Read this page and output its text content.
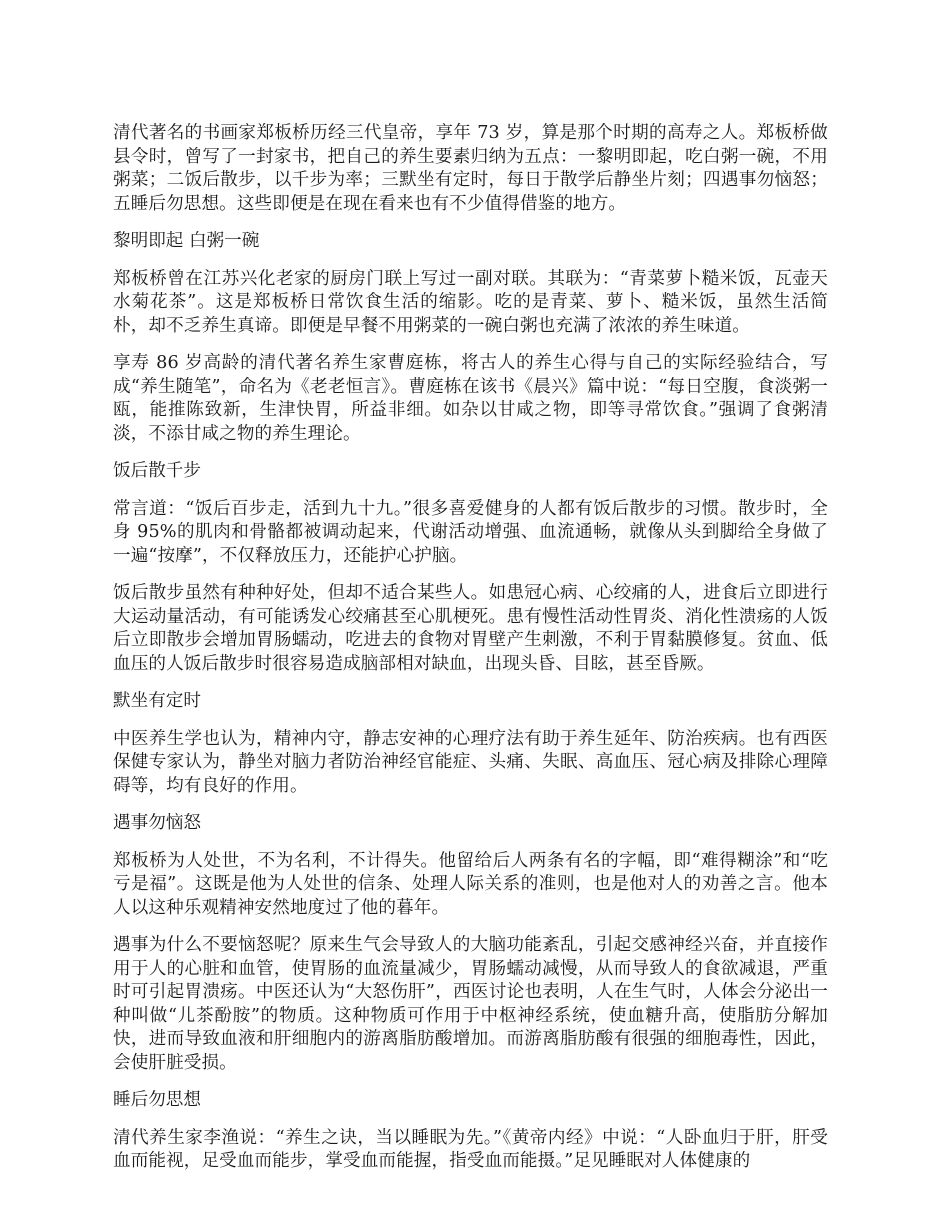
清代著名的书画家郑板桥历经三代皇帝，享年 73 岁，算是那个时期的高寿之人。郑板桥做县令时，曾写了一封家书，把自己的养生要素归纳为五点：一黎明即起，吃白粥一碗，不用粥菜；二饭后散步，以千步为率；三默坐有定时，每日于散学后静坐片刻；四遇事勿恼怒；五睡后勿思想。这些即便是在现在看来也有不少值得借鉴的地方。

黎明即起 白粥一碗

郑板桥曾在江苏兴化老家的厨房门联上写过一副对联。其联为：“青菜萝卜糙米饭，瓦壶天水菊花茶”。这是郑板桥日常饮食生活的缩影。吃的是青菜、萝卜、糙米饭，虽然生活简朴，却不乏养生真谛。即便是早餐不用粥菜的一碗白粥也充满了浓浓的养生味道。

享寿 86 岁高龄的清代著名养生家曹庭栋，将古人的养生心得与自己的实际经验结合，写成“养生随笔”，命名为《老老恒言》。曹庭栋在该书《晨兴》篇中说：“每日空腹，食淡粥一瓯，能推陈致新，生津快胃，所益非细。如杂以甘咸之物，即等寻常饮食。”强调了食粥清淡，不添甘咸之物的养生理论。

饭后散千步

常言道：“饭后百步走，活到九十九。”很多喜爱健身的人都有饭后散步的习惯。散步时，全身 95%的肌肉和骨骼都被调动起来，代谢活动增强、血流通畅，就像从头到脚给全身做了一遍“按摩”，不仅释放压力，还能护心护脑。

饭后散步虽然有种种好处，但却不适合某些人。如患冠心病、心绞痛的人，进食后立即进行大运动量活动，有可能诱发心绞痛甚至心肌梗死。患有慢性活动性胃炎、消化性溃疡的人饭后立即散步会增加胃肠蠕动，吃进去的食物对胃壁产生刺激，不利于胃黏膜修复。贫血、低血压的人饭后散步时很容易造成脑部相对缺血，出现头昏、目眩，甚至昏厥。

默坐有定时

中医养生学也认为，精神内守，静志安神的心理疗法有助于养生延年、防治疾病。也有西医保健专家认为，静坐对脑力者防治神经官能症、头痛、失眠、高血压、冠心病及排除心理障碍等，均有良好的作用。

遇事勿恼怒

郑板桥为人处世，不为名利，不计得失。他留给后人两条有名的字幅，即“难得糊涂”和“吃亏是福”。这既是他为人处世的信条、处理人际关系的准则，也是他对人的劝善之言。他本人以这种乐观精神安然地度过了他的暮年。

遇事为什么不要恼怒呢？原来生气会导致人的大脑功能紊乱，引起交感神经兴奋，并直接作用于人的心脏和血管，使胃肠的血流量减少，胃肠蠕动减慢，从而导致人的食欲减退，严重时可引起胃溃疡。中医还认为“大怒伤肝”，西医讨论也表明，人在生气时，人体会分泌出一种叫做“儿茶酚胺”的物质。这种物质可作用于中枢神经系统，使血糖升高，使脂肪分解加快，进而导致血液和肝细胞内的游离脂肪酸增加。而游离脂肪酸有很强的细胞毒性，因此，会使肝脏受损。

睡后勿思想

清代养生家李渔说：“养生之诀，当以睡眠为先。”《黄帝内经》中说：“人卧血归于肝，肝受血而能视，足受血而能步，掌受血而能握，指受血而能摄。”足见睡眠对人体健康的
